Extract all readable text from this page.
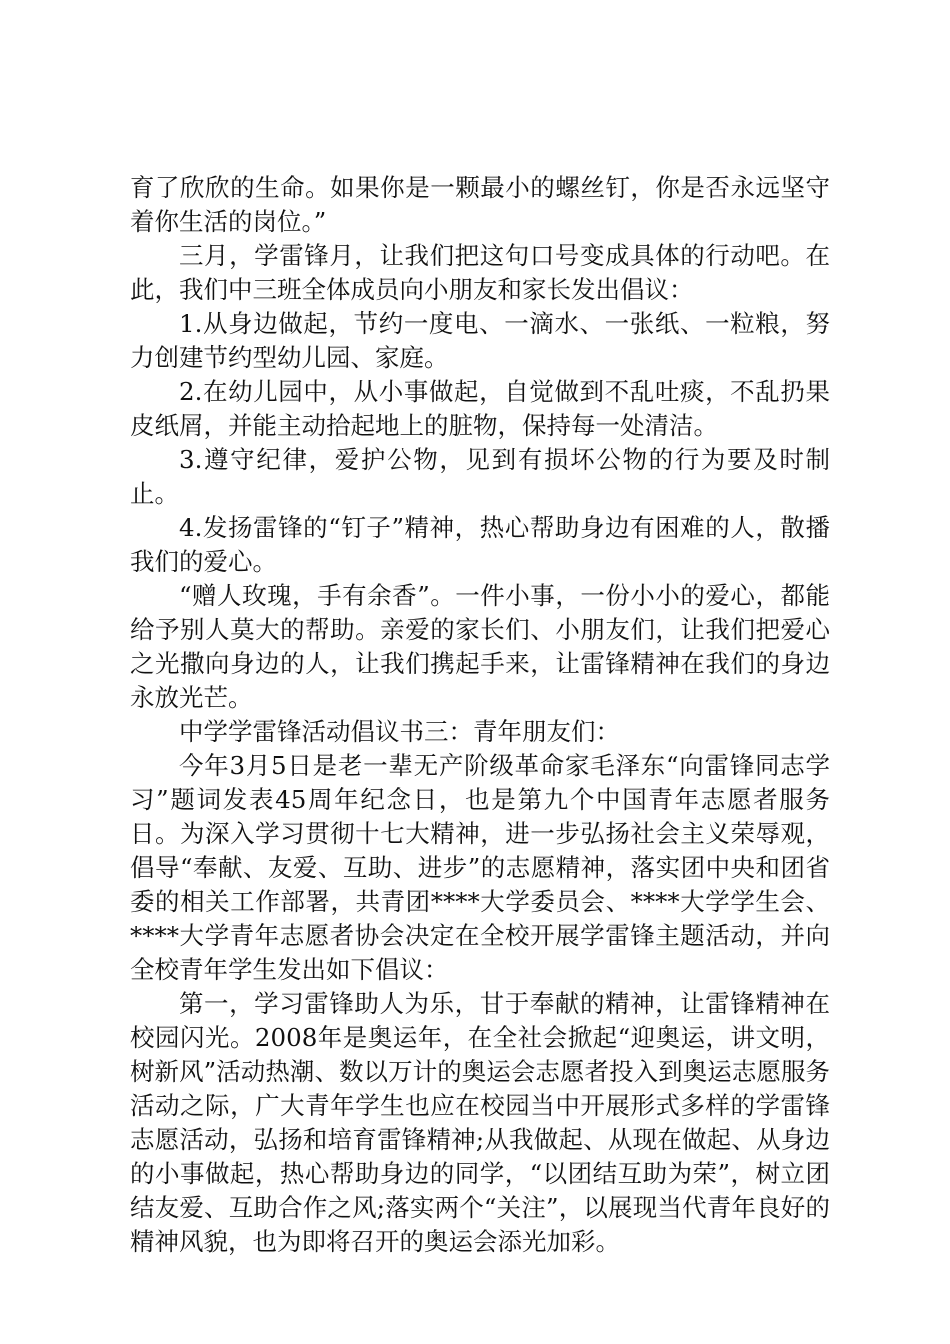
育了欣欣的生命。如果你是一颗最小的螺丝钉，你是否永远坚守着你生活的岗位。”

三月，学雷锋月，让我们把这句口号变成具体的行动吧。在此，我们中三班全体成员向小朋友和家长发出倡议：

1.从身边做起，节约一度电、一滴水、一张纸、一粒粮，努力创建节约型幼儿园、家庭。

2.在幼儿园中，从小事做起，自觉做到不乱吐痰，不乱扔果皮纸屑，并能主动拾起地上的脏物，保持每一处清洁。

3.遵守纪律，爱护公物，见到有损坏公物的行为要及时制止。

4.发扬雷锋的“钉子”精神，热心帮助身边有困难的人，散播我们的爱心。

“赠人玫瑰，手有余香”。一件小事，一份小小的爱心，都能给予别人莫大的帮助。亲爱的家长们、小朋友们，让我们把爱心之光撒向身边的人，让我们携起手来，让雷锋精神在我们的身边永放光芒。

中学学雷锋活动倡议书三：青年朋友们：

今年3月5日是老一辈无产阶级革命家毛泽东“向雷锋同志学习”题词发表45周年纪念日，也是第九个中国青年志愿者服务日。为深入学习贯彻十七大精神，进一步弘扬社会主义荣辱观，倡导“奉献、友爱、互助、进步”的志愿精神，落实团中央和团省委的相关工作部署，共青团****大学委员会、****大学学生会、****大学青年志愿者协会决定在全校开展学雷锋主题活动，并向全校青年学生发出如下倡议：

第一，学习雷锋助人为乐，甘于奉献的精神，让雷锋精神在校园闪光。2008年是奥运年，在全社会掀起“迎奥运，讲文明，树新风”活动热潮、数以万计的奥运会志愿者投入到奥运志愿服务活动之际，广大青年学生也应在校园当中开展形式多样的学雷锋志愿活动，弘扬和培育雷锋精神;从我做起、从现在做起、从身边的小事做起，热心帮助身边的同学，“以团结互助为荣”，树立团结友爱、互助合作之风;落实两个“关注”，以展现当代青年良好的精神风貌，也为即将召开的奥运会添光加彩。
